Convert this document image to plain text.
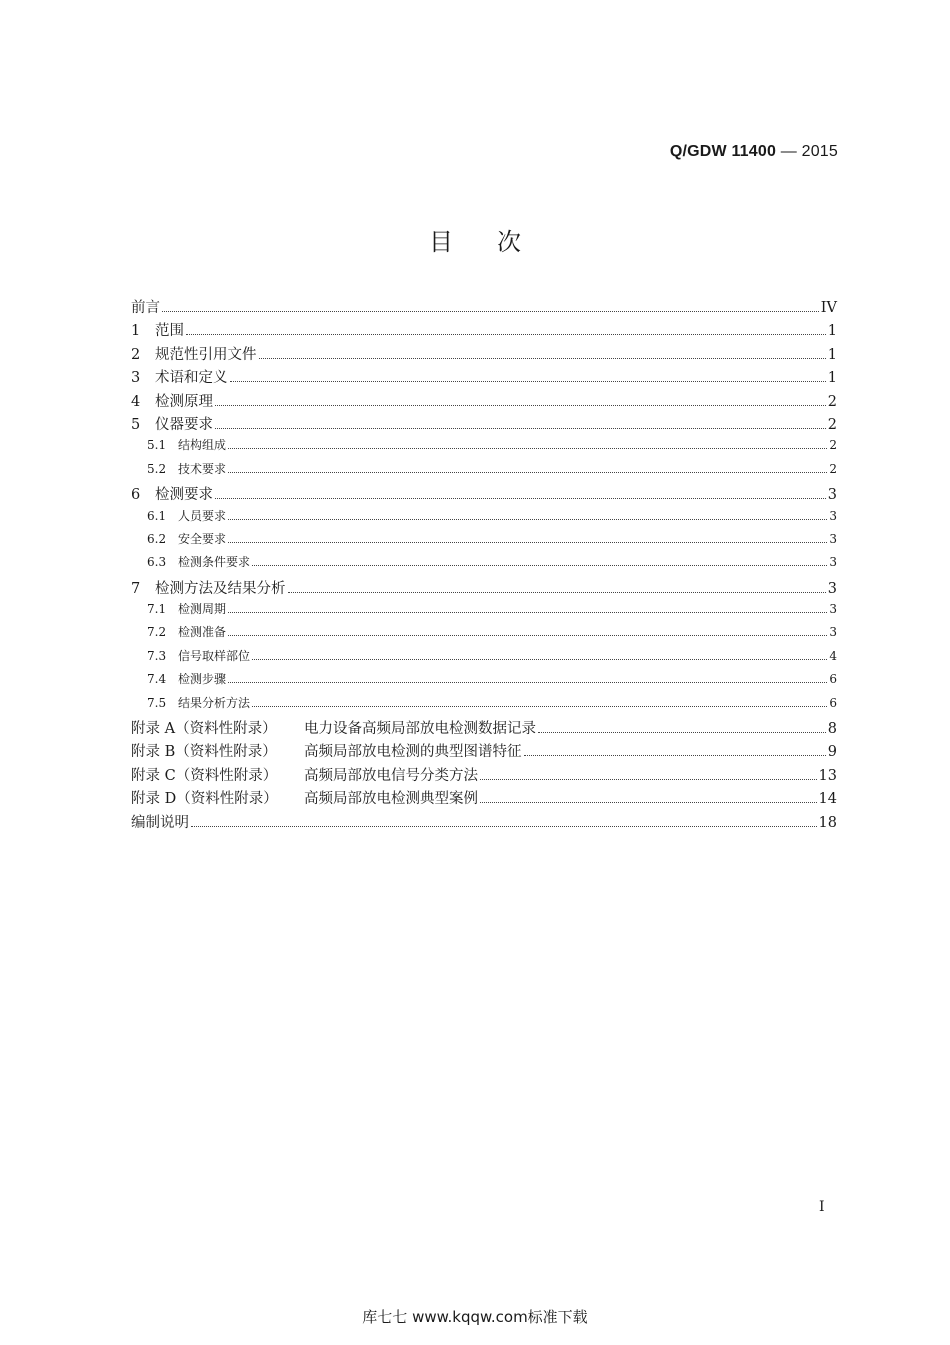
Q/GDW 11400 — 2015
目次
前言	IV
1	范围	1
2	规范性引用文件	1
3	术语和定义	1
4	检测原理	2
5	仪器要求	2
5.1 结构组成	2
5.2 技术要求	2
6	检测要求	3
6.1 人员要求	3
6.2 安全要求	3
6.3 检测条件要求	3
7	检测方法及结果分析	3
7.1 检测周期	3
7.2 检测准备	3
7.3 信号取样部位	4
7.4 检测步骤	6
7.5 结果分析方法	6
附录 A（资料性附录）	电力设备高频局部放电检测数据记录	8
附录 B（资料性附录）	高频局部放电检测的典型图谱特征	9
附录 C（资料性附录）	高频局部放电信号分类方法	13
附录 D（资料性附录）	高频局部放电检测典型案例	14
编制说明	18
I
库七七 www.kqqw.com标准下载
